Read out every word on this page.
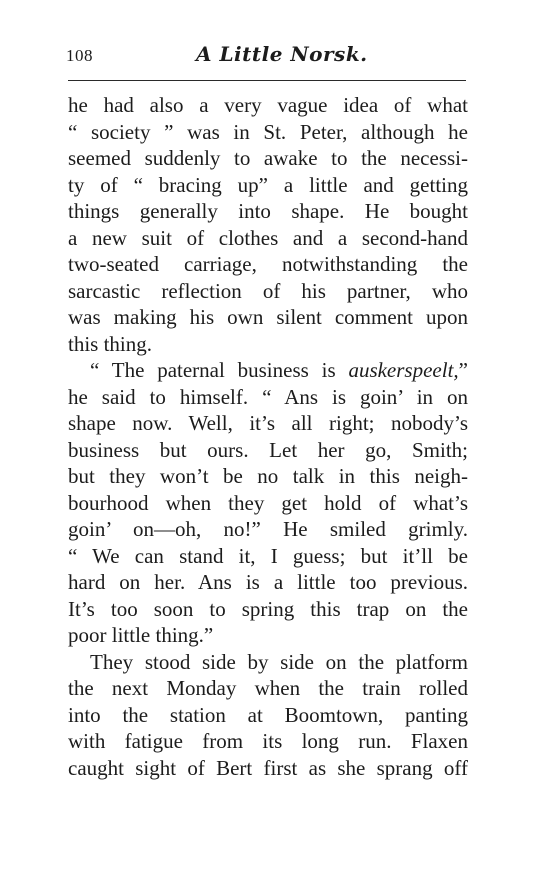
108	A Little Norsk.
he had also a very vague idea of what
“ society ” was in St. Peter, although he
seemed suddenly to awake to the necessi-
ty of “ bracing up” a little and getting
things generally into shape. He bought
a new suit of clothes and a second-hand
two-seated carriage, notwithstanding the
sarcastic reflection of his partner, who
was making his own silent comment upon
this thing.
“ The paternal business is auskerspeelt,”
he said to himself. “ Ans is goin’ in on
shape now. Well, it’s all right; nobody’s
business but ours. Let her go, Smith;
but they won’t be no talk in this neigh-
bourhood when they get hold of what’s
goin’ on—oh, no!” He smiled grimly.
“ We can stand it, I guess; but it’ll be
hard on her. Ans is a little too previous.
It’s too soon to spring this trap on the
poor little thing.”
They stood side by side on the platform
the next Monday when the train rolled
into the station at Boomtown, panting
with fatigue from its long run. Flaxen
caught sight of Bert first as she sprang off
